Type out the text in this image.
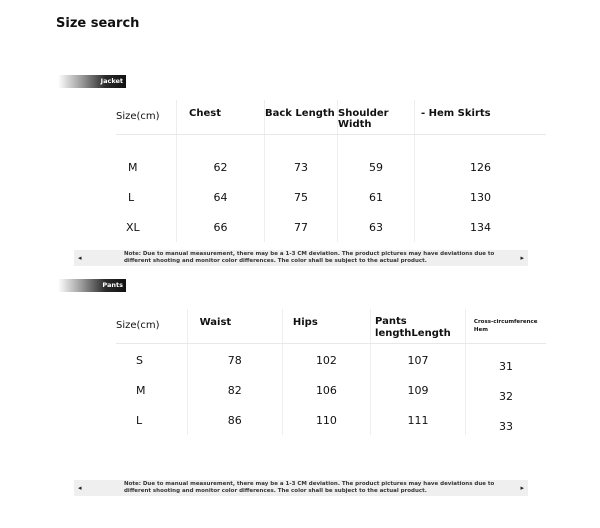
Size search
Jacket
Size(cm)	Chest	Back Length	Shoulder Width	- Hem Skirts

M	62	73	59	126
L	64	75	61	130
XL	66	77	63	134
◂	Note: Due to manual measurement, there may be a 1-3 CM deviation. The product pictures may have deviations due to
different shooting and monitor color differences. The color shall be subject to the actual product.	▸
Pants
Size(cm)	Waist	Hips	Pants lengthLength	Cross-circumference Hem

S	78	102	107	31
M	82	106	109	32
L	86	110	111	33
◂	Note: Due to manual measurement, there may be a 1-3 CM deviation. The product pictures may have deviations due to
different shooting and monitor color differences. The color shall be subject to the actual product.	▸
